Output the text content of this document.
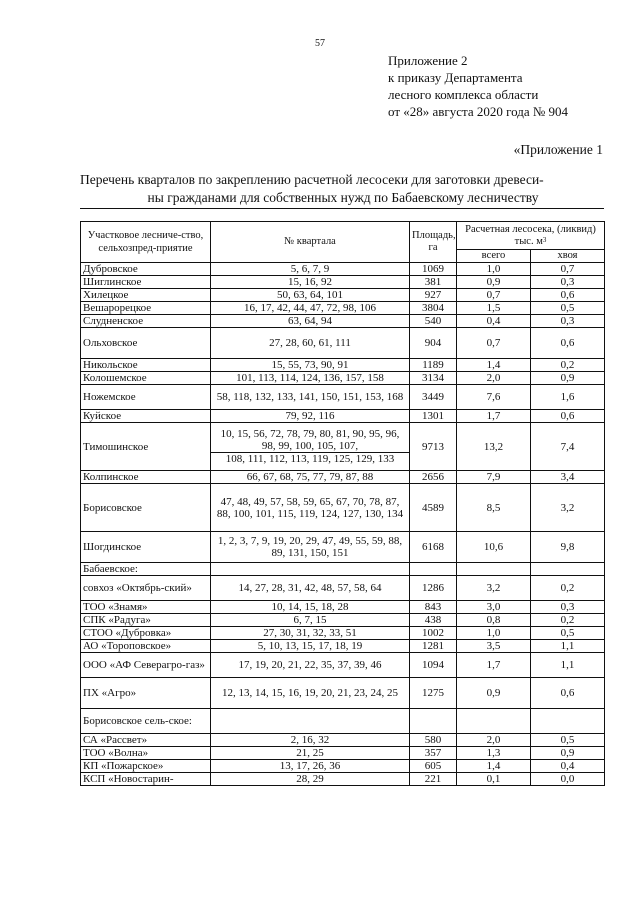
57
Приложение 2
к приказу Департамента
лесного комплекса области
от «28» августа 2020 года № 904
«Приложение 1
Перечень кварталов по закреплению расчетной лесосеки для заготовки древеси-
ны гражданами для собственных нужд по Бабаевскому лесничеству
Участковое лесниче-ство, сельхозпред-приятие	№ квартала	Площадь, га	Расчетная лесосека, (ликвид) тыс. $м^3$
			всего	хвоя
Дубровское	5, 6, 7, 9	1069	1,0	0,7
Шиглинское	15, 16, 92	381	0,9	0,3
Хилецкое	50, 63, 64, 101	927	0,7	0,6
Вешарорецкое	16, 17, 42, 44, 47, 72, 98, 106	3804	1,5	0,5
Слудненское	63, 64, 94	540	0,4	0,3
Ольховское	27, 28, 60, 61, 111	904	0,7	0,6
Никольское	15, 55, 73, 90, 91	1189	1,4	0,2
Колошемское	101, 113, 114, 124, 136, 157, 158	3134	2,0	0,9
Ножемское	58, 118, 132, 133, 141, 150, 151, 153, 168	3449	7,6	1,6
Куйское	79, 92, 116	1301	1,7	0,6
Тимошинское	10, 15, 56, 72, 78, 79, 80, 81, 90, 95, 96, 98, 99, 100, 105, 107,
108, 111, 112, 113, 119, 125, 129, 133	9713	13,2	7,4
Колпинское	66, 67, 68, 75, 77, 79, 87, 88	2656	7,9	3,4
Борисовское	47, 48, 49, 57, 58, 59, 65, 67, 70, 78, 87, 88, 100, 101, 115, 119, 124, 127, 130, 134	4589	8,5	3,2
Шогдинское	1, 2, 3, 7, 9, 19, 20, 29, 47, 49, 55, 59, 88, 89, 131, 150, 151	6168	10,6	9,8
Бабаевское:				
совхоз «Октябрь-ский»	14, 27, 28, 31, 42, 48, 57, 58, 64	1286	3,2	0,2
ТОО «Знамя»	10, 14, 15, 18, 28	843	3,0	0,3
СПК «Радуга»	6, 7, 15	438	0,8	0,2
СТОО «Дубровка»	27, 30, 31, 32, 33, 51	1002	1,0	0,5
АО «Тороповское»	5, 10, 13, 15, 17, 18, 19	1281	3,5	1,1
ООО «АФ Северагро-газ»	17, 19, 20, 21, 22, 35, 37, 39, 46	1094	1,7	1,1
ПХ «Агро»	12, 13, 14, 15, 16, 19, 20, 21, 23, 24, 25	1275	0,9	0,6
Борисовское сель-ское:				
СА «Рассвет»	2, 16, 32	580	2,0	0,5
ТОО «Волна»	21, 25	357	1,3	0,9
КП «Пожарское»	13, 17, 26, 36	605	1,4	0,4
КСП «Новостарин-	28, 29	221	0,1	0,0
